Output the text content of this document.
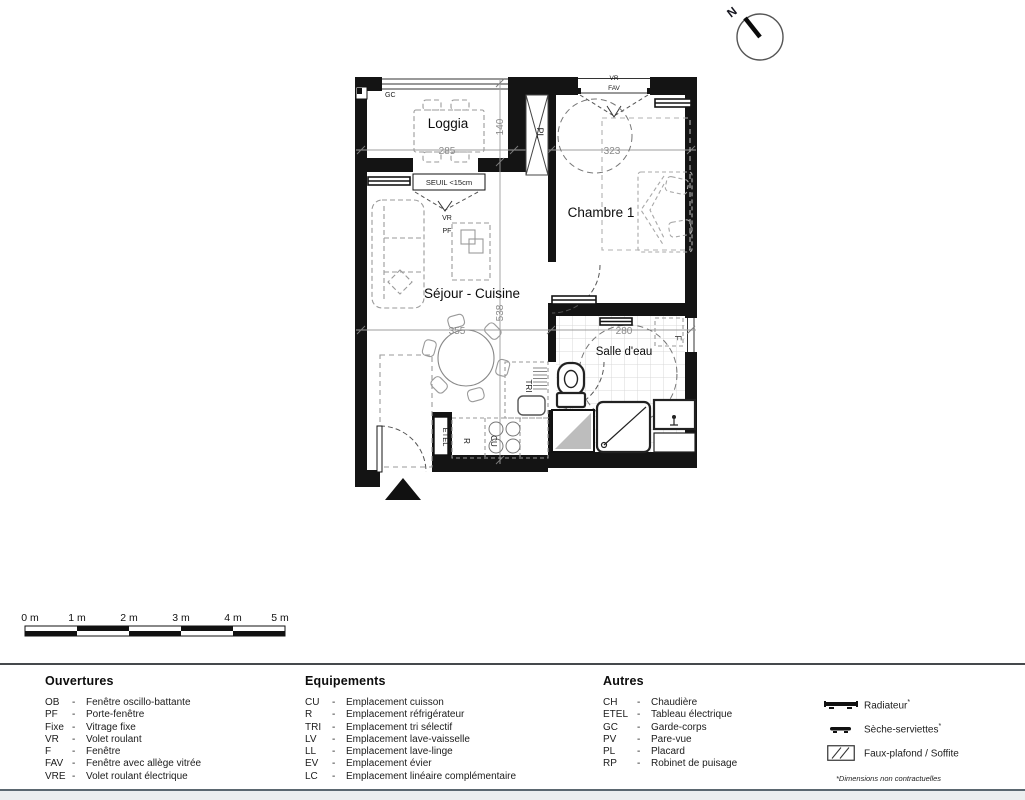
Loggia
Séjour - Cuisine
Chambre 1
Salle d'eau
285	323
355	280
140
538
GC
SEUIL <15cm
VR
PF
VR
FAV
PL
TRI
ETEL R CU
F
N
0 m	1 m	2 m	3 m	4 m	5 m
Ouvertures
OB	-	Fenêtre oscillo-battante
PF	-	Porte-fenêtre
Fixe -	Vitrage fixe
VR	-	Volet roulant
F	-	Fenêtre
FAV -	Fenêtre avec allège vitrée
VRE -	Volet roulant électrique
Equipements
CU	-	Emplacement cuisson
R	-	Emplacement réfrigérateur
TRI	-	Emplacement tri sélectif
LV	-	Emplacement lave-vaisselle
LL	-	Emplacement lave-linge
EV	-	Emplacement évier
LC	-	Emplacement linéaire complémentaire
Autres
CH	-	Chaudière
ETEL -	Tableau électrique
GC	-	Garde-corps
PV	-	Pare-vue
PL	-	Placard
RP	-	Robinet de puisage
Radiateur*
Sèche-serviettes*
Faux-plafond / Soffite
*Dimensions non contractuelles
